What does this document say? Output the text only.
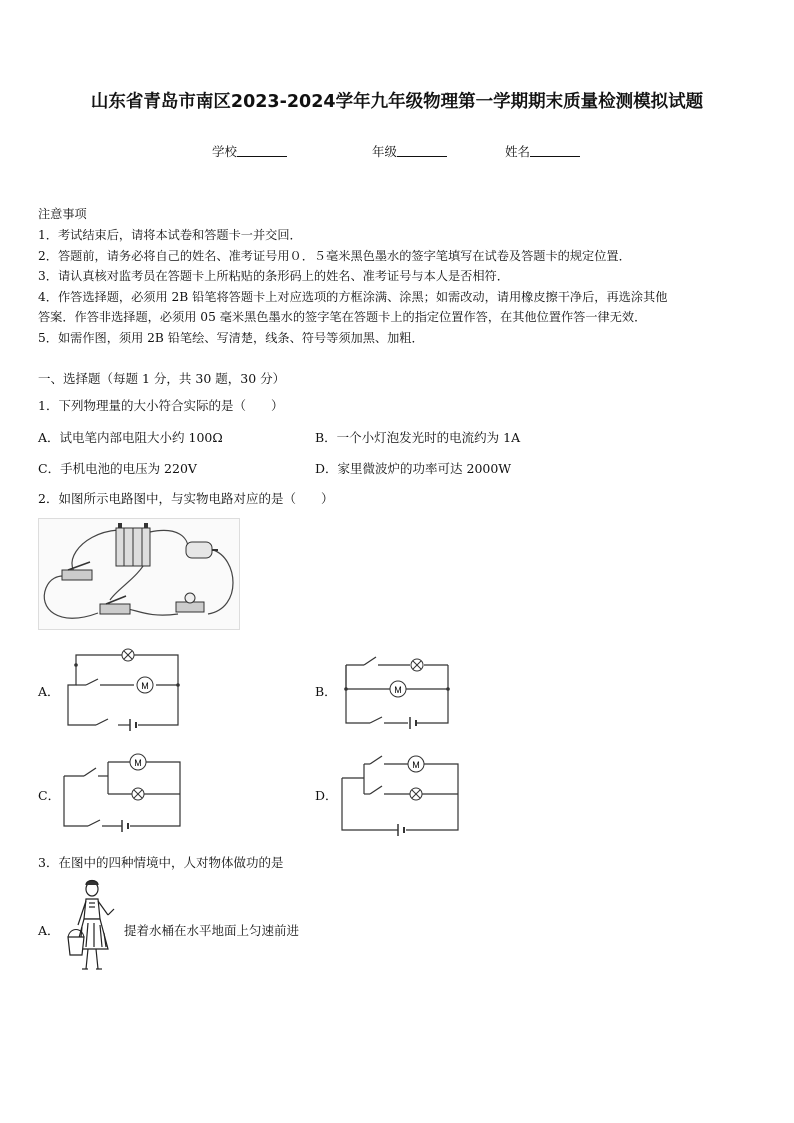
山东省青岛市南区2023-2024学年九年级物理第一学期期末质量检测模拟试题
学校	年级	姓名
注意事项
1．考试结束后，请将本试卷和答题卡一并交回．
2．答题前，请务必将自己的姓名、准考证号用０．５毫米黑色墨水的签字笔填写在试卷及答题卡的规定位置．
3．请认真核对监考员在答题卡上所粘贴的条形码上的姓名、准考证号与本人是否相符．
4．作答选择题，必须用 2B 铅笔将答题卡上对应选项的方框涂满、涂黑；如需改动，请用橡皮擦干净后，再选涂其他
答案．作答非选择题，必须用 05 毫米黑色墨水的签字笔在答题卡上的指定位置作答，在其他位置作答一律无效．
5．如需作图，须用 2B 铅笔绘、写清楚，线条、符号等须加黑、加粗．
一、选择题（每题 1 分，共 30 题，30 分）
1．下列物理量的大小符合实际的是（　　）
A．试电笔内部电阻大小约 100Ω	B．一个小灯泡发光时的电流约为 1A
C．手机电池的电压为 220V	D．家里微波炉的功率可达 2000W
2．如图所示电路图中，与实物电路对应的是（　　）
A．	M	B．	M
C．
M
D．
M
3．在图中的四种情境中，人对物体做功的是
A．	提着水桶在水平地面上匀速前进
